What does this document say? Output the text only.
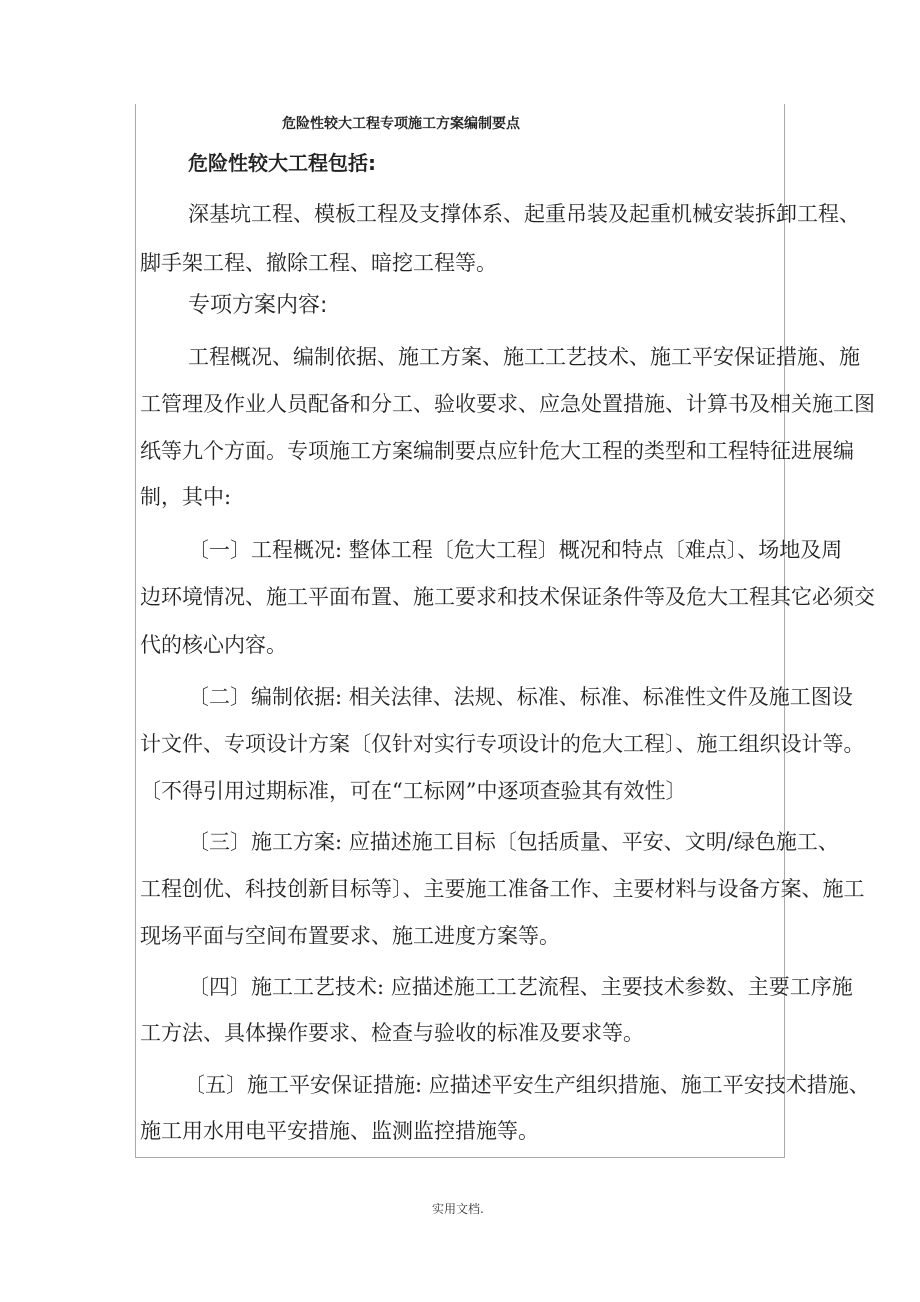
危险性较大工程专项施工方案编制要点
危险性较大工程包括:
深基坑工程、模板工程及支撑体系、起重吊装及起重机械安装拆卸工程、
脚手架工程、撤除工程、暗挖工程等。
专项方案内容:
工程概况、编制依据、施工方案、施工工艺技术、施工平安保证措施、施
工管理及作业人员配备和分工、验收要求、应急处置措施、计算书及相关施工图
纸等九个方面。专项施工方案编制要点应针危大工程的类型和工程特征进展编
制，其中:
〔一〕工程概况: 整体工程〔危大工程〕概况和特点〔难点〕、场地及周
边环境情况、施工平面布置、施工要求和技术保证条件等及危大工程其它必须交
代的核心内容。
〔二〕编制依据: 相关法律、法规、标准、标准、标准性文件及施工图设
计文件、专项设计方案〔仅针对实行专项设计的危大工程〕、施工组织设计等。
〔不得引用过期标准，可在“工标网”中逐项查验其有效性〕
〔三〕施工方案: 应描述施工目标〔包括质量、平安、文明/绿色施工、
工程创优、科技创新目标等〕、主要施工准备工作、主要材料与设备方案、施工
现场平面与空间布置要求、施工进度方案等。
〔四〕施工工艺技术: 应描述施工工艺流程、主要技术参数、主要工序施
工方法、具体操作要求、检查与验收的标准及要求等。
〔五〕施工平安保证措施: 应描述平安生产组织措施、施工平安技术措施、
施工用水用电平安措施、监测监控措施等。
实用文档.
